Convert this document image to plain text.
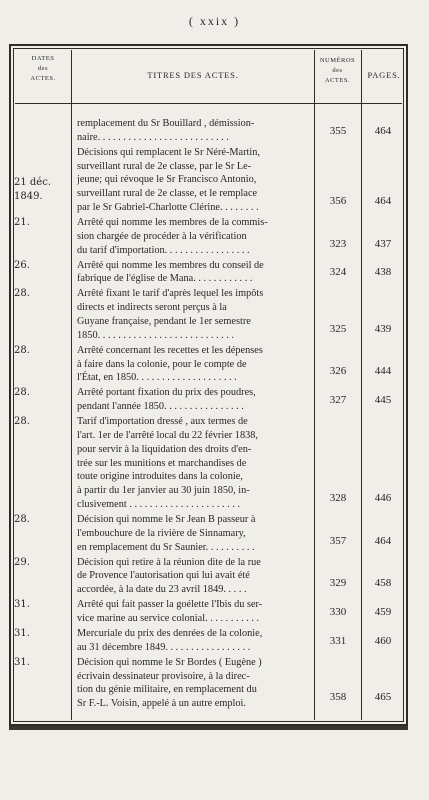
( xxix )
DATES
des
ACTES.	TITRES DES ACTES.
NUMÉROS
des
ACTES.
PAGES.
remplacement du Sr Bouillard , démission-
naire. . . . . . . . . . . . . . . . . . . . . . . . . .
355	464
21 déc. 1849.
Décisions qui remplacent le Sr Néré-Martin,
surveillant rural de 2e classe, par le Sr Le-
jeune; qui révoque le Sr Francisco Antonio,
surveillant rural de 2e classe, et le remplace
par le Sr Gabriel-Charlotte Clérine. . . . . . . .
356	464
21.	Arrêté qui nomme les membres de la commis-
sion chargée de procéder à la vérification
du tarif d'importation. . . . . . . . . . . . . . . . .
323	437
26.	Arrêté qui nomme les membres du conseil de
fabrique de l'église de Mana. . . . . . . . . . . .
324	438
28.	Arrêté fixant le tarif d'après lequel les impôts
directs et indirects seront perçus à la
Guyane française, pendant le 1er semestre
1850. . . . . . . . . . . . . . . . . . . . . . . . . . .
325	439
28.	Arrêté concernant les recettes et les dépenses
à faire dans la colonie, pour le compte de
l'État, en 1850. . . . . . . . . . . . . . . . . . . .
326	444
28.	Arrêté portant fixation du prix des poudres,
pendant l'année 1850. . . . . . . . . . . . . . . .
327	445
28.	Tarif d'importation dressé , aux termes de
l'art. 1er de l'arrêté local du 22 février 1838,
pour servir à la liquidation des droits d'en-
trée sur les munitions et marchandises de
toute origine introduites dans la colonie,
à partir du 1er janvier au 30 juin 1850, in-
clusivement . . . . . . . . . . . . . . . . . . . . . .
328	446
28.	Décision qui nomme le Sr Jean B passeur à
l'embouchure de la rivière de Sinnamary,
en remplacement du Sr Saunier. . . . . . . . . .
357	464
29.	Décision qui retire à la réunion dite de la rue
de Provence l'autorisation qui lui avait été
accordée, à la date du 23 avril 1849. . . . .
329	458
31.	Arrêté qui fait passer la goélette l'Ibis du ser-
vice marine au service colonial. . . . . . . . . . .
330	459
31.	Mercuriale du prix des denrées de la colonie,
au 31 décembre 1849. . . . . . . . . . . . . . . . .
331	460
31.	Décision qui nomme le Sr Bordes ( Eugène )
écrivain dessinateur provisoire, à la direc-
tion du génie militaire, en remplacement du
Sr F.-L. Voisin, appelé à un autre emploi.
358	465
